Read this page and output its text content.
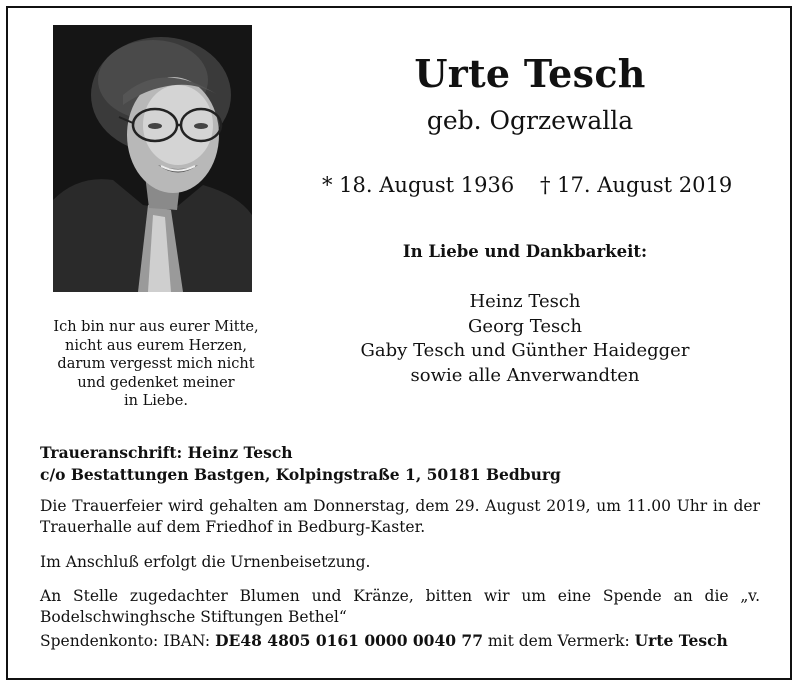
Ich bin nur aus eurer Mitte,
nicht aus eurem Herzen,
darum vergesst mich nicht
und gedenket meiner
in Liebe.
Urte Tesch
geb. Ogrzewalla
* 18. August 1936 † 17. August 2019
In Liebe und Dankbarkeit:
Heinz Tesch
Georg Tesch
Gaby Tesch und Günther Haidegger
sowie alle Anverwandten
Traueranschrift: Heinz Tesch
c/o Bestattungen Bastgen, Kolpingstraße 1, 50181 Bedburg
Die Trauerfeier wird gehalten am Donnerstag, dem 29. August 2019, um 11.00 Uhr in der
Trauerhalle auf dem Friedhof in Bedburg-Kaster.
Im Anschluß erfolgt die Urnenbeisetzung.
An Stelle zugedachter Blumen und Kränze, bitten wir um eine Spende an die „v.
Bodelschwinghsche Stiftungen Bethel“
Spendenkonto: IBAN: DE48 4805 0161 0000 0040 77 mit dem Vermerk: Urte Tesch
